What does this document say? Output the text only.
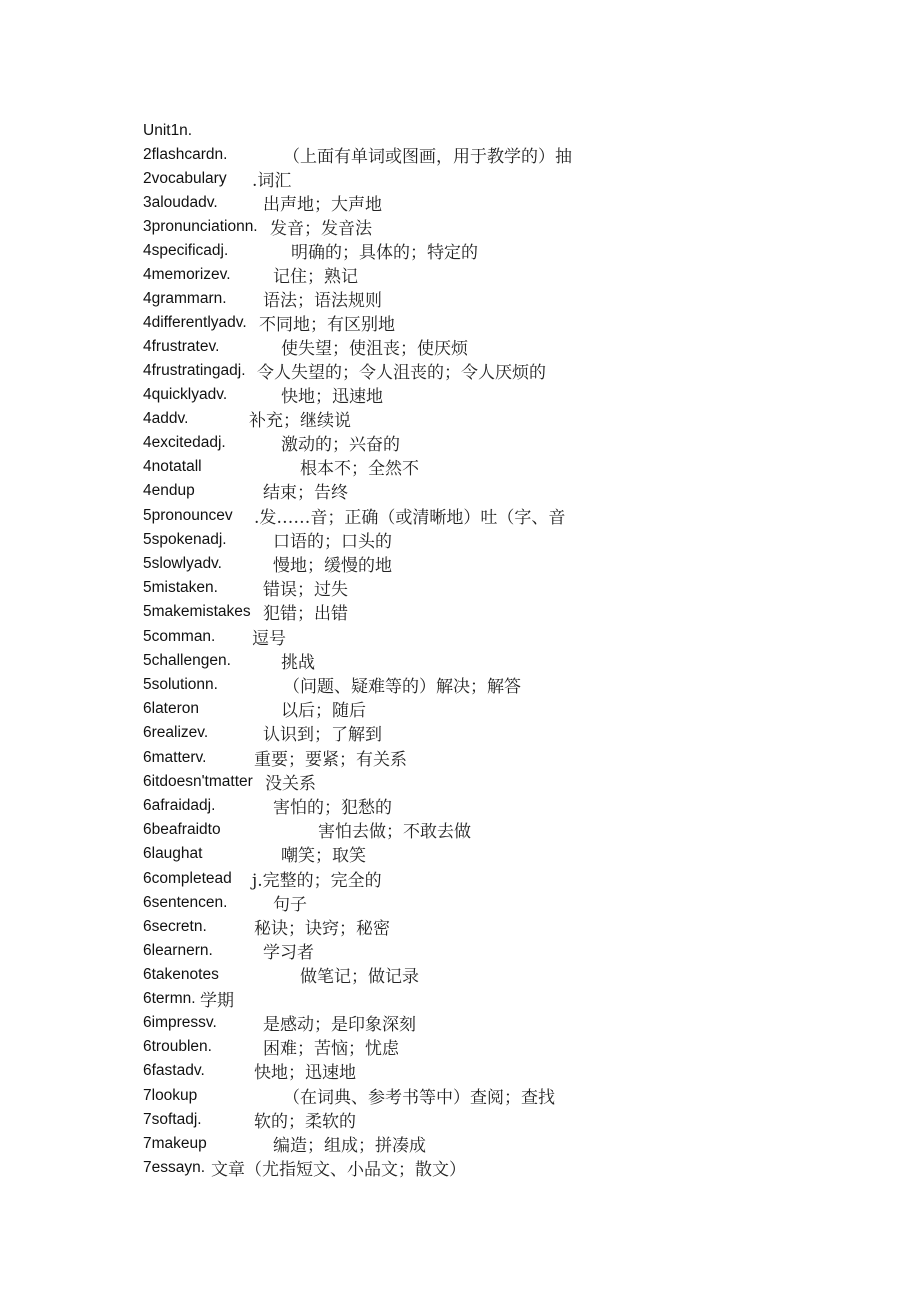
Unit1n.
2flashcardn.	（上面有单词或图画，用于教学的）抽
2vocabulary .词汇
3aloudadv.	出声地；大声地
3pronunciationn. 发音；发音法
4specificadj.	明确的；具体的；特定的
4memorizev. 记住；熟记
4grammarn. 语法；语法规则
4differentlyadv. 不同地；有区别地
4frustratev.	使失望；使沮丧；使厌烦
4frustratingadj. 令人失望的；令人沮丧的；令人厌烦的
4quicklyadv.	快地；迅速地
4addv.	补充；继续说
4excitedadj.	激动的；兴奋的
4notatall	根本不；全然不
4endup	结束；告终
5pronouncev .发……音；正确（或清晰地）吐（字、音
5spokenadj.	口语的；口头的
5slowlyadv.	慢地；缓慢的地
5mistaken.	错误；过失
5makemistakes 犯错；出错
5comman. 逗号
5challengen.	挑战
5solutionn.	（问题、疑难等的）解决；解答
6lateron	以后；随后
6realizev.	认识到；了解到
6matterv.	重要；要紧；有关系
6itdoesn'tmatter 没关系
6afraidadj.	害怕的；犯愁的
6beafraidto	害怕去做；不敢去做
6laughat	嘲笑；取笑
6completead j.完整的；完全的
6sentencen.	句子
6secretn.	秘诀；诀窍；秘密
6learnern.	学习者
6takenotes	做笔记；做记录
6termn. 学期
6impressv.	是感动；是印象深刻
6troublen.	困难；苦恼；忧虑
6fastadv.	快地；迅速地
7lookup	（在词典、参考书等中）查阅；查找
7softadj.	软的；柔软的
7makeup	编造；组成；拼凑成
7essayn. 文章（尤指短文、小品文；散文）
